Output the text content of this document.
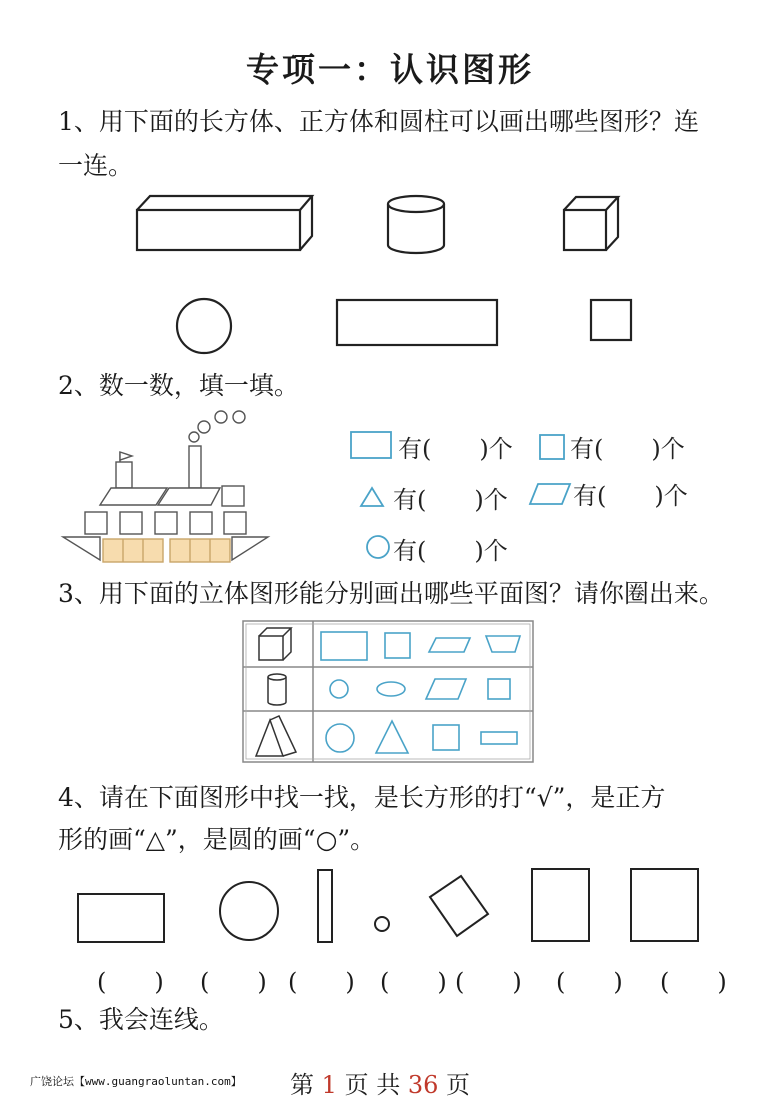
专项一：认识图形
1、用下面的长方体、正方体和圆柱可以画出哪些图形？连
一连。
2、数一数，填一填。
有(　　)个 有(　　)个
有(　　)个	有(　　)个
有(　　)个
3、用下面的立体图形能分别画出哪些平面图？请你圈出来。
4、请在下面图形中找一找，是长方形的打“√”，是正方
形的画“△”，是圆的画“○”。
(　　) (　　) (　　) (　　) (　　) (　　) (　　)
5、我会连线。
广饶论坛【www.guangraoluntan.com】 第 1 页 共 36 页
